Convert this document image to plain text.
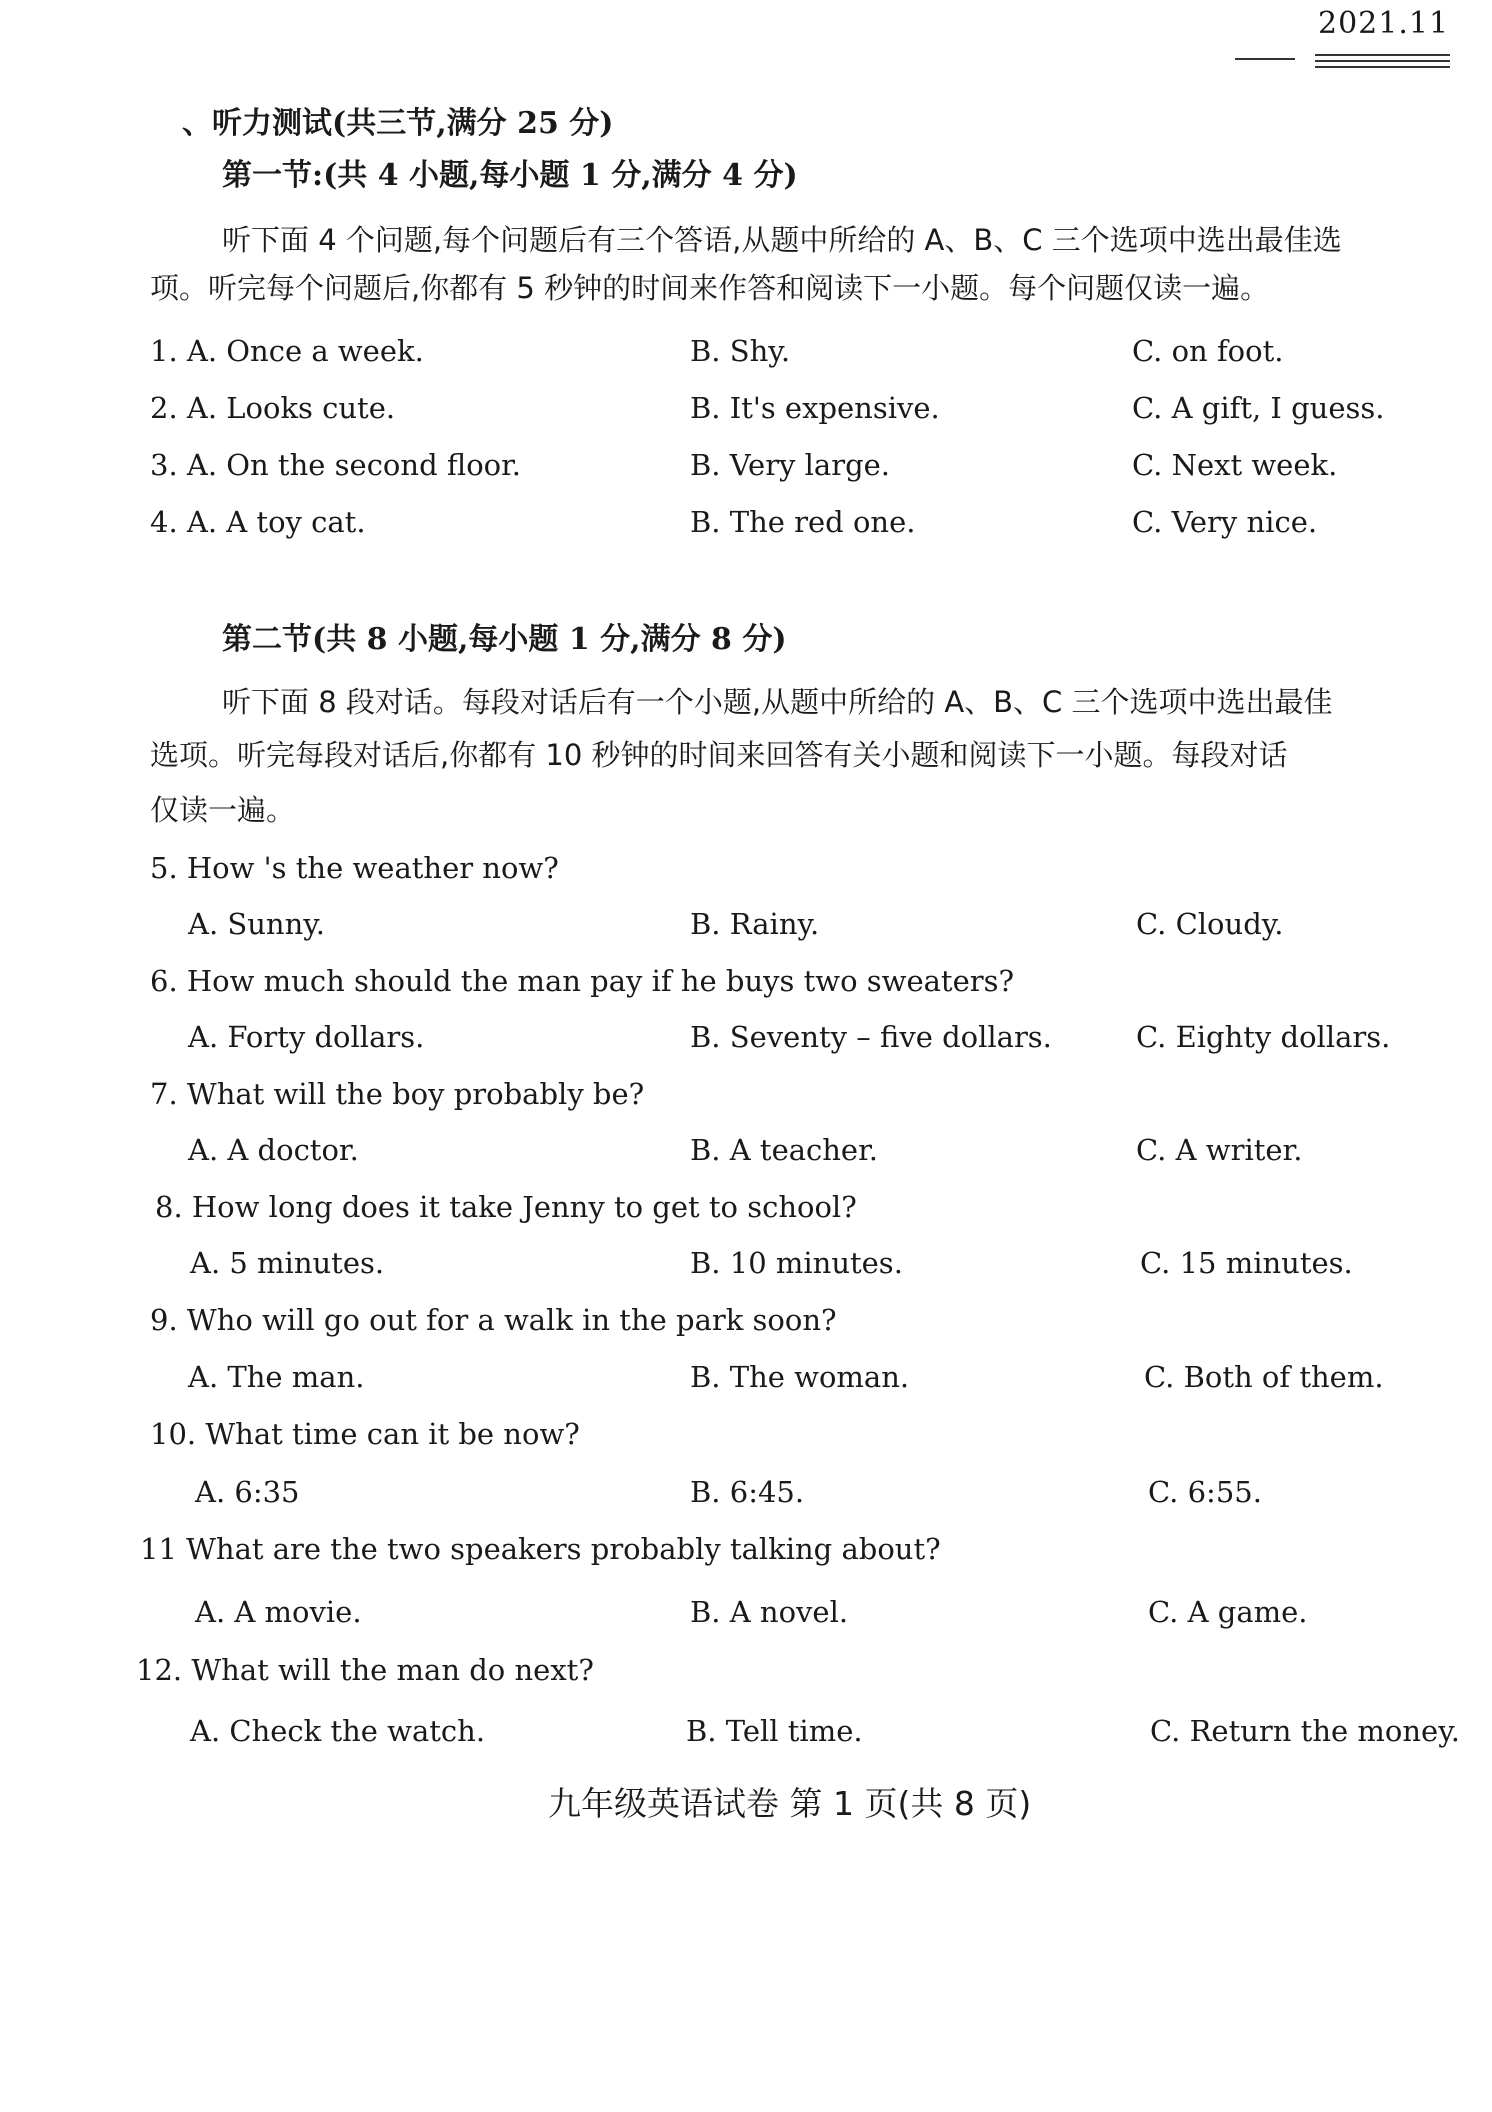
2021.11
、听力测试(共三节,满分 25 分)
第一节:(共 4 小题,每小题 1 分,满分 4 分)
听下面 4 个问题,每个问题后有三个答语,从题中所给的 A、B、C 三个选项中选出最佳选
项。听完每个问题后,你都有 5 秒钟的时间来作答和阅读下一小题。每个问题仅读一遍。
1. A. Once a week.	B. Shy.	C. on foot.
2. A. Looks cute.	B. It's expensive.	C. A gift, I guess.
3. A. On the second floor.	B. Very large.	C. Next week.
4. A. A toy cat.	B. The red one.	C. Very nice.
第二节(共 8 小题,每小题 1 分,满分 8 分)
听下面 8 段对话。每段对话后有一个小题,从题中所给的 A、B、C 三个选项中选出最佳
选项。听完每段对话后,你都有 10 秒钟的时间来回答有关小题和阅读下一小题。每段对话
仅读一遍。
5. How 's the weather now?
A. Sunny.	B. Rainy.	C. Cloudy.
6. How much should the man pay if he buys two sweaters?
A. Forty dollars.	B. Seventy – five dollars.	C. Eighty dollars.
7. What will the boy probably be?
A. A doctor.	B. A teacher.	C. A writer.
8. How long does it take Jenny to get to school?
A. 5 minutes.	B. 10 minutes.	C. 15 minutes.
9. Who will go out for a walk in the park soon?
A. The man.	B. The woman.	C. Both of them.
10. What time can it be now?
A. 6:35	B. 6:45.	C. 6:55.
11 What are the two speakers probably talking about?
A. A movie.	B. A novel.	C. A game.
12. What will the man do next?
A. Check the watch.	B. Tell time.	C. Return the money.
九年级英语试卷 第 1 页(共 8 页)
